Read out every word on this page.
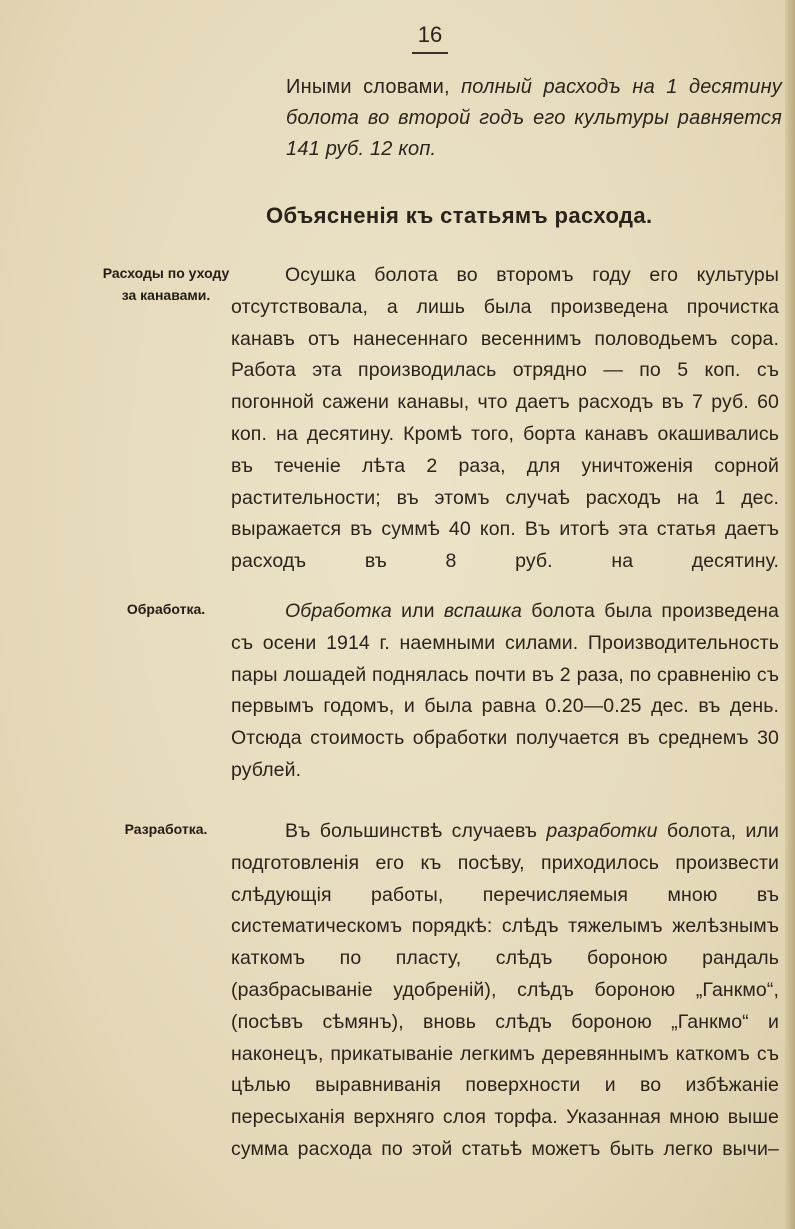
16
Иными словами, полный расходъ на 1 десятину болота во второй годъ его культуры равняется 141 руб. 12 коп.
Объясненія къ статьямъ расхода.
Расходы по уходу за канавами.
Осушка болота во второмъ году его культуры отсутствовала, а лишь была произведена прочистка канавъ отъ нанесеннаго весеннимъ половодьемъ сора. Работа эта производилась отрядно — по 5 коп. съ погонной сажени канавы, что даетъ расходъ въ 7 руб. 60 коп. на десятину. Кромѣ того, борта канавъ окашивались въ теченіе лѣта 2 раза, для уничтоженія сорной растительности; въ этомъ случаѣ расходъ на 1 дес. выражается въ суммѣ 40 коп. Въ итогѣ эта статья даетъ расходъ въ 8 руб. на десятину.
Обработка.	Обработка или вспашка болота была произведена съ осени 1914 г. наемными силами. Производительность пары лошадей поднялась почти въ 2 раза, по сравненію съ первымъ годомъ, и была равна 0.20—0.25 дес. въ день. Отсюда стоимость обработки получается въ среднемъ 30 рублей.
Разработка.	Въ большинствѣ случаевъ разработки болота, или подготовленія его къ посѣву, приходилось произвести слѣдующія работы, перечисляемыя мною въ систематическомъ порядкѣ: слѣдъ тяжелымъ желѣзнымъ каткомъ по пласту, слѣдъ бороною рандаль (разбрасываніе удобреній), слѣдъ бороною „Ганкмо“, (посѣвъ сѣмянъ), вновь слѣдъ бороною „Ганкмо“ и наконецъ, прикатываніе легкимъ деревяннымъ каткомъ съ цѣлью выравниванія поверхности и во избѣжаніе пересыханія верхняго слоя торфа. Указанная мною выше сумма расхода по этой статьѣ можетъ быть легко вычи–
